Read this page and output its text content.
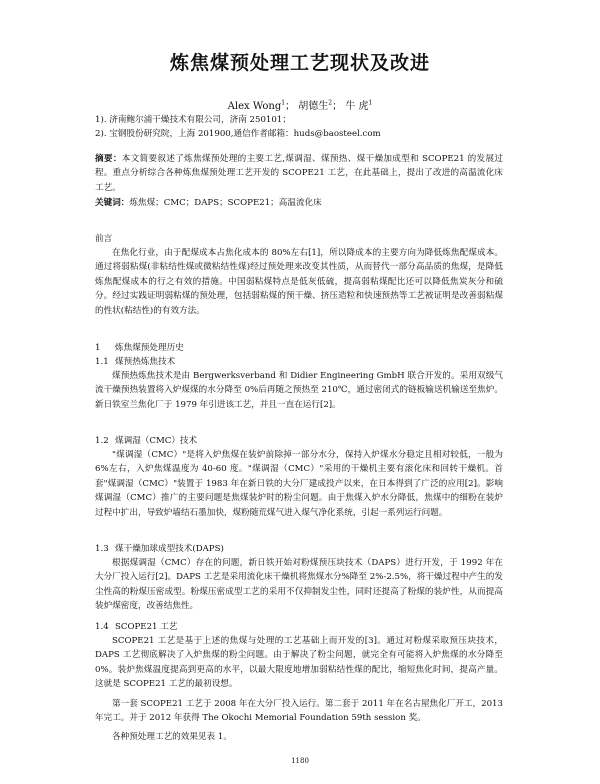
炼焦煤预处理工艺现状及改进
Alex Wong$^1$； 胡德生$^2$； 牛 虎$^1$
1). 济南鲍尔浦干燥技术有限公司，济南 250101；
2). 宝钢股份研究院，上海 201900,通信作者邮箱：huds@baosteel.com
摘要：本文简要叙述了炼焦煤预处理的主要工艺,煤调湿、煤预热、煤干燥加成型和 SCOPE21 的发展过程。重点分析综合各种炼焦煤预处理工艺开发的 SCOPE21 工艺，在此基础上，提出了改进的高温流化床工艺。
关键词：炼焦煤；CMC；DAPS；SCOPE21；高温流化床
前言
在焦化行业，由于配煤成本占焦化成本的 80%左右[1]，所以降成本的主要方向为降低炼焦配煤成本。通过将弱粘煤(非粘结性煤或微粘结性煤)经过预处理来改变其性质，从而替代一部分高品质的焦煤，是降低炼焦配煤成本的行之有效的措施。中国弱粘煤特点是低灰低硫，提高弱粘煤配比还可以降低焦炭灰分和硫分。经过实践证明弱粘煤的预处理，包括弱粘煤的预干燥、挤压造粒和快速预热等工艺被证明是改善弱粘煤的性状(粘结性)的有效方法。
1 炼焦煤预处理历史
1.1 煤预热炼焦技术
煤预热炼焦技术是由 Bergwerksverband 和 Didier Engineering GmbH 联合开发的。采用双级气流干燥预热装置将入炉煤煤的水分降至 0%后再随之预热至 210℃，通过密闭式的链板输送机输送至焦炉。新日铁室兰焦化厂于 1979 年引进该工艺，并且一直在运行[2]。
1.2 煤调湿（CMC）技术
"煤调湿（CMC）"是将入炉焦煤在装炉前除掉一部分水分，保持入炉煤水分稳定且相对较低，一般为 6%左右，入炉焦煤温度为 40-60 度。"煤调湿（CMC）"采用的干燥机主要有滚化床和回转干燥机。首套"煤调湿（CMC）"装置于 1983 年在新日铁的大分厂建成投产以来，在日本得到了广泛的应用[2]。影响煤调湿（CMC）推广的主要问题是焦煤装炉时的粉尘问题。由于焦煤入炉水分降低，焦煤中的细粉在装炉过程中扩出，导致炉墙结石墨加快，煤粉随荒煤气进入煤气净化系统，引起一系列运行问题。
1.3 煤干燥加球成型技术(DAPS)
根据煤调湿（CMC）存在的问题，新日铁开始对粉煤预压块技术（DAPS）进行开发，于 1992 年在大分厂投入运行[2]。DAPS 工艺是采用流化床干燥机将焦煤水分%降至 2%-2.5%，将干燥过程中产生的发尘性高的粉煤压密成型。粉煤压密成型工艺的采用不仅抑制发尘性，同时还提高了粉煤的装炉性，从而提高装炉煤密度，改善结焦性。
1.4 SCOPE21 工艺
SCOPE21 工艺是基于上述的焦煤与处理的工艺基础上而开发的[3]。通过对粉煤采取预压块技术，DAPS 工艺彻底解决了入炉焦煤的粉尘问题。由于解决了粉尘问题，就完全有可能将入炉焦煤的水分降至 0%。装炉焦煤温度提高到更高的水平，以最大限度地增加弱粘结性煤的配比，缩短焦化时间，提高产量。这就是 SCOPE21 工艺的最初设想。
第一套 SCOPE21 工艺于 2008 年在大分厂投入运行。第二套于 2011 年在名古屋焦化厂开工，2013 年完工。并于 2012 年获得 The Okochi Memorial Foundation 59th session 奖。
各种预处理工艺的效果见表 1。
1180
